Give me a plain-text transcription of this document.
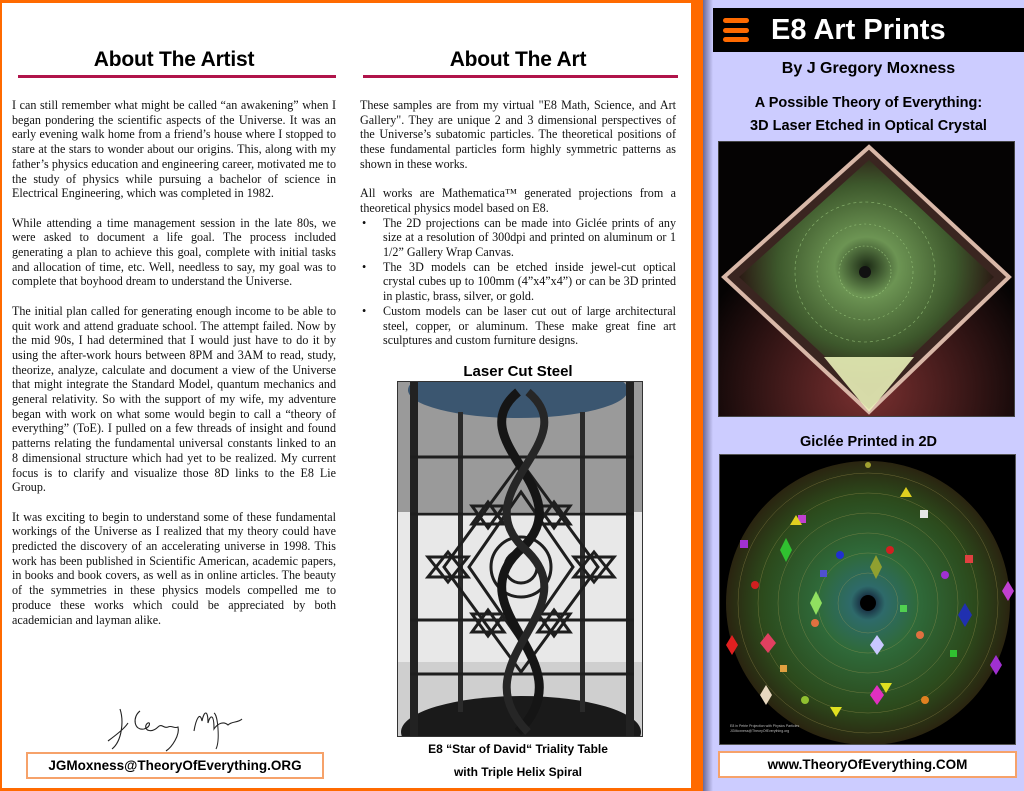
About The Artist

I can still remember what might be called “an awakening” when I began pondering the scientific aspects of the Universe. It was an early evening walk home from a friend’s house where I stopped to stare at the stars to wonder about our origins. This, along with my father’s physics education and engineering career, motivated me to the study of physics while pursuing a bachelor of science in Electrical Engineering, which was completed in 1982.

While attending a time management session in the late 80s, we were asked to document a life goal. The process included generating a plan to achieve this goal, complete with initial tasks and allocation of time, etc. Well, needless to say, my goal was to complete that boyhood dream to understand the Universe.

The initial plan called for generating enough income to be able to quit work and attend graduate school. The attempt failed. Now by the mid 90s, I had determined that I would just have to do it by using the after-work hours between 8PM and 3AM to read, study, theorize, analyze, calculate and document a view of the Universe that might integrate the Standard Model, quantum mechanics and general relativity. So with the support of my wife, my adventure began with work on what some would begin to call a “theory of everything” (ToE). I pulled on a few threads of insight and found patterns relating the fundamental universal constants linked to an 8 dimensional structure which had yet to be realized. My current focus is to clarify and visualize those 8D links to the E8 Lie Group.

It was exciting to begin to understand some of these fundamental workings of the Universe as I realized that my theory could have predicted the discovery of an accelerating universe in 1998. This work has been published in Scientific American, academic papers, in books and book covers, as well as in online articles. The beauty of the symmetries in these physics models compelled me to produce these works which could be appreciated by both academician and layman alike.

JGMoxness@TheoryOfEverything.ORG
About The Art

These samples are from my virtual "E8 Math, Science, and Art Gallery". They are unique 2 and 3 dimensional perspectives of the Universe’s subatomic particles. The theoretical positions of these fundamental particles form highly symmetric patterns as shown in these works.

All works are Mathematica™ generated projections from a theoretical physics model based on E8.
• The 2D projections can be made into Giclée prints of any size at a resolution of 300dpi and printed on aluminum or 1 1/2” Gallery Wrap Canvas.
• The 3D models can be etched inside jewel-cut optical crystal cubes up to 100mm (4”x4”x4”) or can be 3D printed in plastic, brass, silver, or gold.
• Custom models can be laser cut out of large architectural steel, copper, or aluminum. These make great fine art sculptures and custom furniture designs.
Laser Cut Steel
E8 “Star of David“ Triality Table
with Triple Helix Spiral
E8 Art Prints
By J Gregory Moxness
A Possible Theory of Everything:
3D Laser Etched in Optical Crystal
Giclée Printed in 2D
E8 in Petrie Projection with Physics Particles
JGMoxness@TheoryOfEverything.org
www.TheoryOfEverything.COM
